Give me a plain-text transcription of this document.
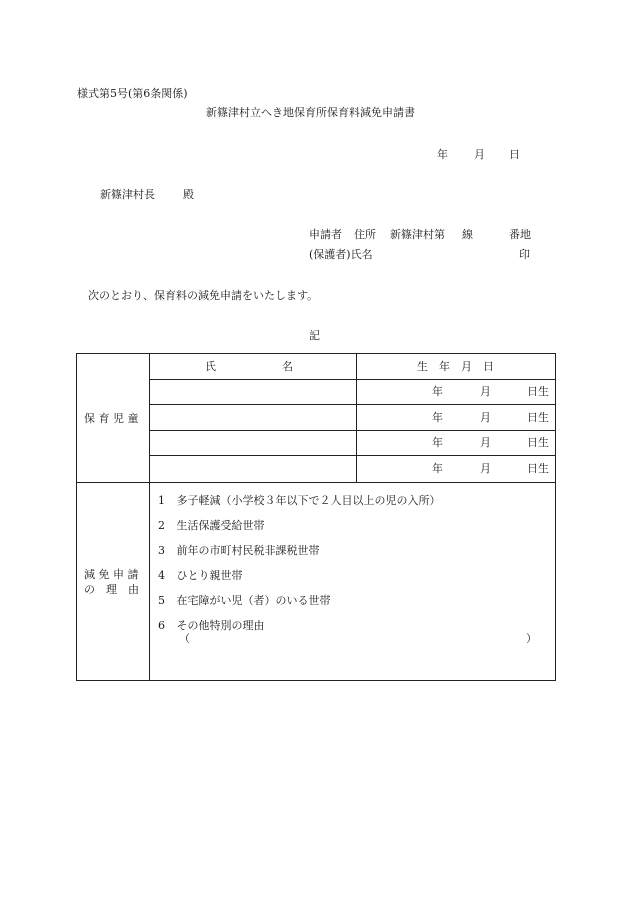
様式第5号(第6条関係)
新篠津村立へき地保育所保育料減免申請書
年 月 日
新篠津村長	殿
申請者 住所 新篠津村第 線	番地
(保護者)氏名	印
次のとおり、保育料の減免申請をいたします。
記
保 育 児 童
氏　　　　　　名	生　年　月　日
年	月	日生
年	月	日生
年	月	日生
年	月	日生
減 免 申 請
の　理　由
1 多子軽減（小学校３年以下で２人目以上の児の入所）
2 生活保護受給世帯
3 前年の市町村民税非課税世帯
4 ひとり親世帯
5 在宅障がい児（者）のいる世帯
6 その他特別の理由
（	）
